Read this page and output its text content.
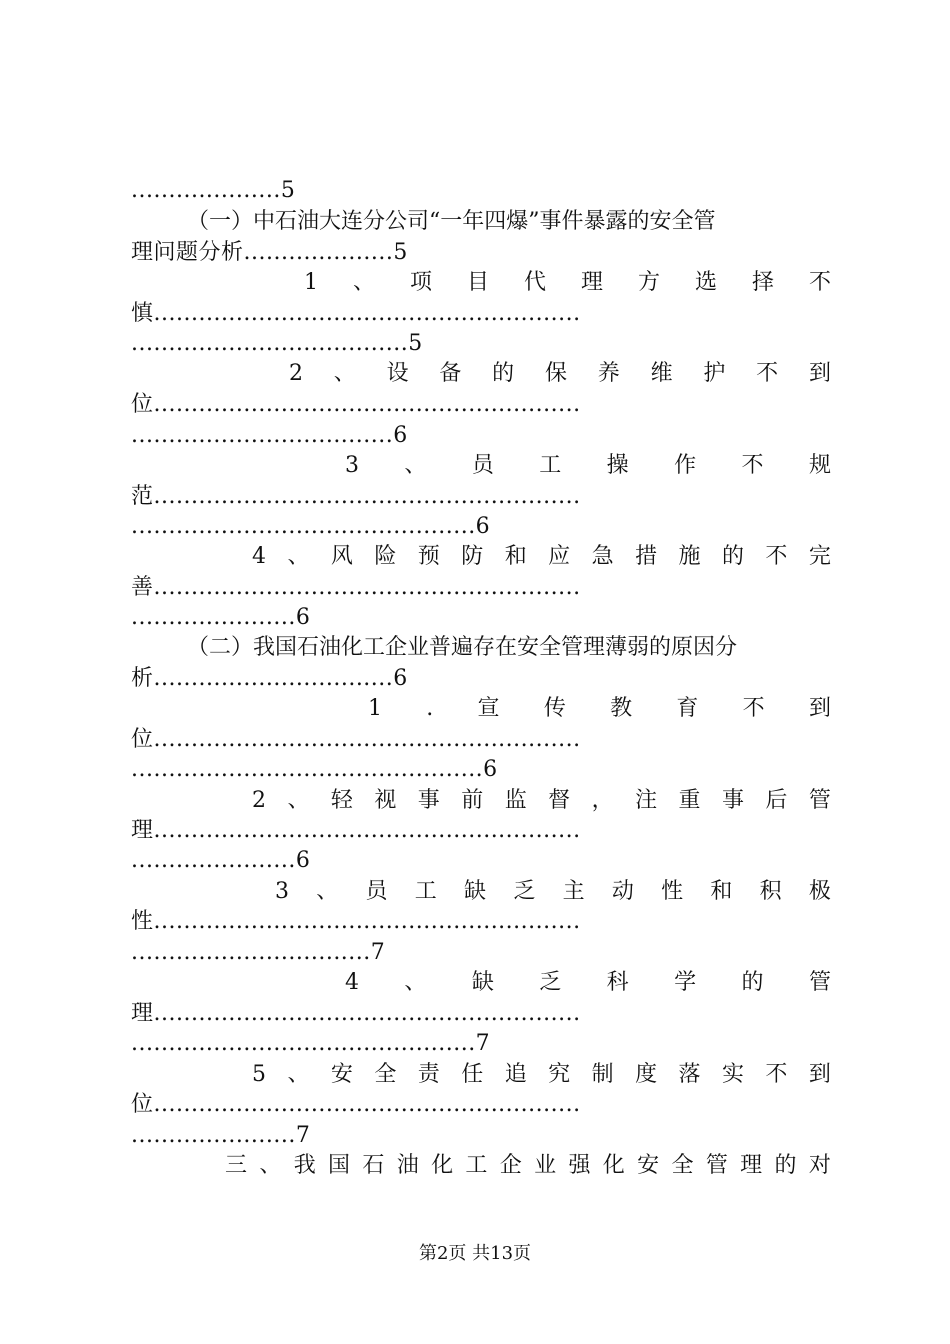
....................5
（一）中石油大连分公司“一年四爆”事件暴露的安全管
理问题分析....................5
1 、 项 目 代 理 方 选 择 不
慎.........................................................
.....................................5
2 、 设 备 的 保 养 维 护 不 到
位.........................................................
...................................6
3 、 员 工 操 作 不 规
范.........................................................
..............................................6
4 、 风 险 预 防 和 应 急 措 施 的 不 完
善.........................................................
......................6
（二）我国石油化工企业普遍存在安全管理薄弱的原因分
析................................6
1 . 宣 传 教 育 不 到
位.........................................................
...............................................6
2 、 轻 视 事 前 监 督 ， 注 重 事 后 管
理.........................................................
......................6
3 、 员 工 缺 乏 主 动 性 和 积 极
性.........................................................
................................7
4 、 缺 乏 科 学 的 管
理.........................................................
..............................................7
5 、 安 全 责 任 追 究 制 度 落 实 不 到
位.........................................................
......................7
三 、 我 国 石 油 化 工 企 业 强 化 安 全 管 理 的 对
第2页 共13页
